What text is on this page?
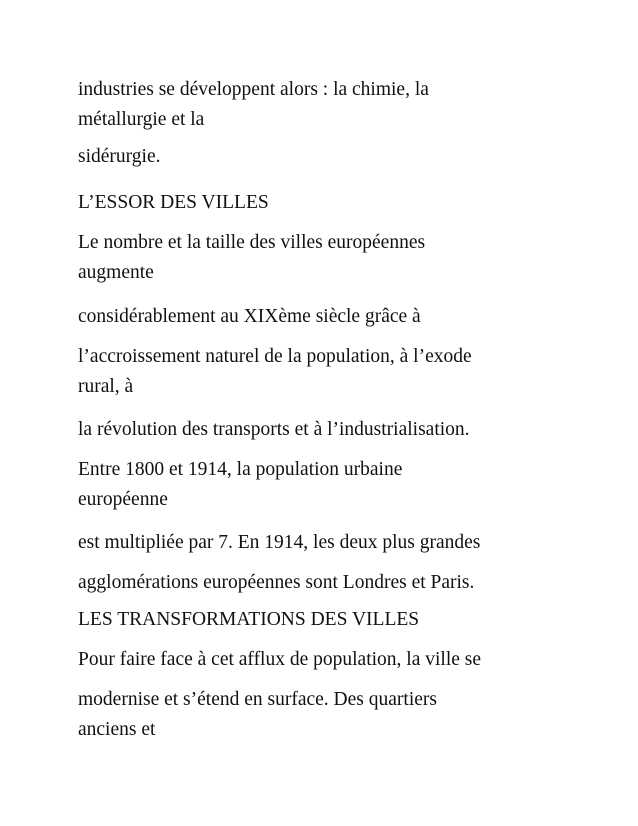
industries se développent alors : la chimie, la
métallurgie et la
sidérurgie.
L’ESSOR DES VILLES
Le nombre et la taille des villes européennes
augmente
considérablement au XIXème siècle grâce à
l’accroissement naturel de la population, à l’exode
rural, à
la révolution des transports et à l’industrialisation.
Entre 1800 et 1914, la population urbaine
européenne
est multipliée par 7. En 1914, les deux plus grandes
agglomérations européennes sont Londres et Paris.
LES TRANSFORMATIONS DES VILLES
Pour faire face à cet afflux de population, la ville se
modernise et s’étend en surface. Des quartiers
anciens et
